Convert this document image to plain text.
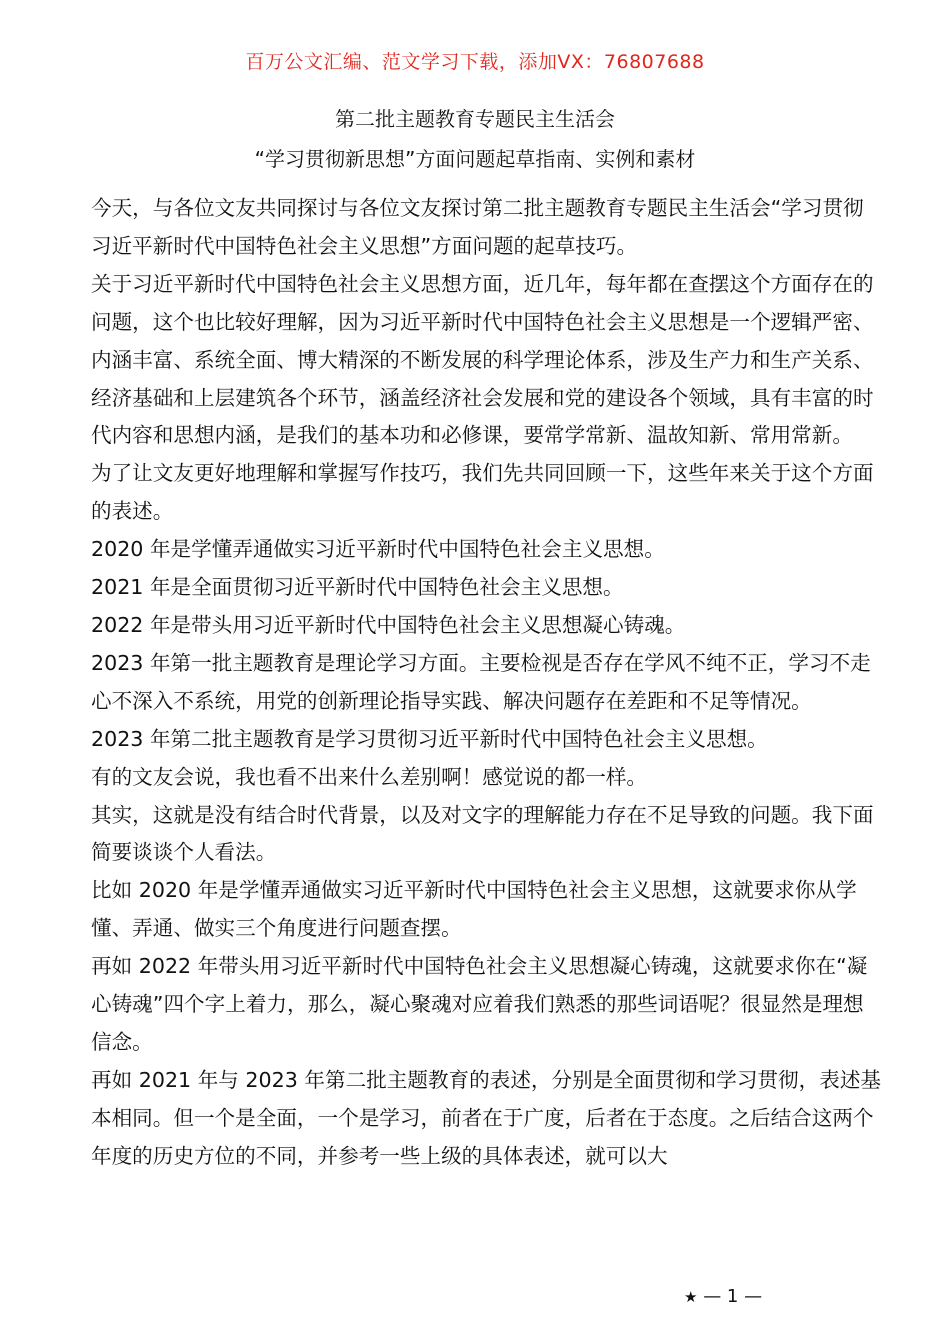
百万公文汇编、范文学习下载，添加VX：76807688
第二批主题教育专题民主生活会
“学习贯彻新思想”方面问题起草指南、实例和素材

今天，与各位文友共同探讨与各位文友探讨第二批主题教育专题民主生活会“学习贯彻习近平新时代中国特色社会主义思想”方面问题的起草技巧。

关于习近平新时代中国特色社会主义思想方面，近几年，每年都在查摆这个方面存在的问题，这个也比较好理解，因为习近平新时代中国特色社会主义思想是一个逻辑严密、内涵丰富、系统全面、博大精深的不断发展的科学理论体系，涉及生产力和生产关系、经济基础和上层建筑各个环节，涵盖经济社会发展和党的建设各个领域，具有丰富的时代内容和思想内涵，是我们的基本功和必修课，要常学常新、温故知新、常用常新。

为了让文友更好地理解和掌握写作技巧，我们先共同回顾一下，这些年来关于这个方面的表述。

2020 年是学懂弄通做实习近平新时代中国特色社会主义思想。

2021 年是全面贯彻习近平新时代中国特色社会主义思想。

2022 年是带头用习近平新时代中国特色社会主义思想凝心铸魂。

2023 年第一批主题教育是理论学习方面。主要检视是否存在学风不纯不正，学习不走心不深入不系统，用党的创新理论指导实践、解决问题存在差距和不足等情况。

2023 年第二批主题教育是学习贯彻习近平新时代中国特色社会主义思想。

有的文友会说，我也看不出来什么差别啊！感觉说的都一样。

其实，这就是没有结合时代背景，以及对文字的理解能力存在不足导致的问题。我下面简要谈谈个人看法。

比如 2020 年是学懂弄通做实习近平新时代中国特色社会主义思想，这就要求你从学懂、弄通、做实三个角度进行问题查摆。

再如 2022 年带头用习近平新时代中国特色社会主义思想凝心铸魂，这就要求你在“凝心铸魂”四个字上着力，那么，凝心聚魂对应着我们熟悉的那些词语呢？很显然是理想信念。

再如 2021 年与 2023 年第二批主题教育的表述，分别是全面贯彻和学习贯彻，表述基本相同。但一个是全面，一个是学习，前者在于广度，后者在于态度。之后结合这两个年度的历史方位的不同，并参考一些上级的具体表述，就可以大

★ — 1 —
